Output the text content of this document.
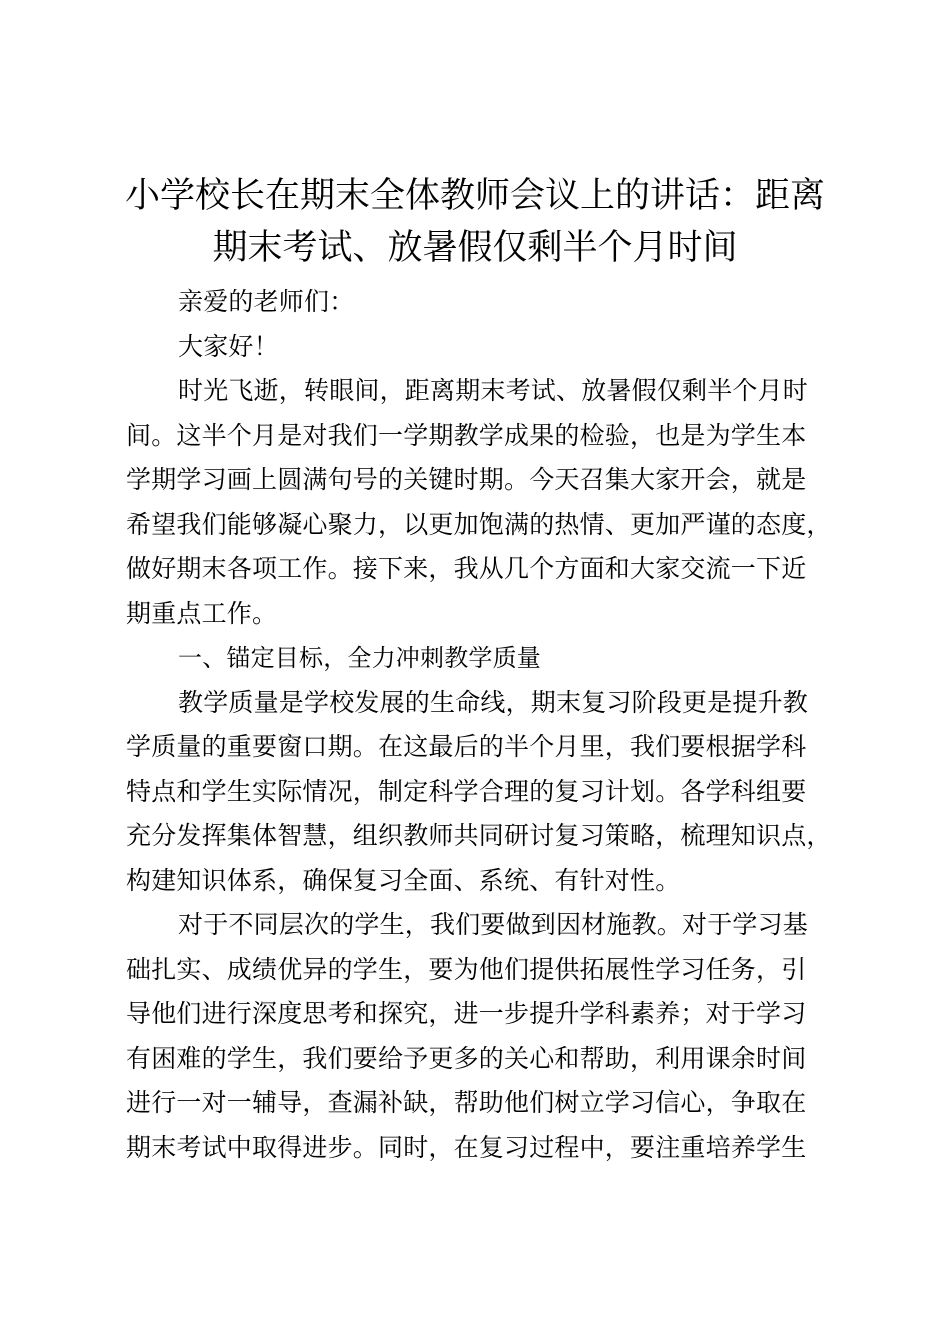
小学校长在期末全体教师会议上的讲话：距离
期末考试、放暑假仅剩半个月时间

亲爱的老师们：

大家好！

时光飞逝，转眼间，距离期末考试、放暑假仅剩半个月时
间。这半个月是对我们一学期教学成果的检验，也是为学生本
学期学习画上圆满句号的关键时期。今天召集大家开会，就是
希望我们能够凝心聚力，以更加饱满的热情、更加严谨的态度，
做好期末各项工作。接下来，我从几个方面和大家交流一下近
期重点工作。

一、锚定目标，全力冲刺教学质量

教学质量是学校发展的生命线，期末复习阶段更是提升教
学质量的重要窗口期。在这最后的半个月里，我们要根据学科
特点和学生实际情况，制定科学合理的复习计划。各学科组要
充分发挥集体智慧，组织教师共同研讨复习策略，梳理知识点，
构建知识体系，确保复习全面、系统、有针对性。

对于不同层次的学生，我们要做到因材施教。对于学习基
础扎实、成绩优异的学生，要为他们提供拓展性学习任务，引
导他们进行深度思考和探究，进一步提升学科素养；对于学习
有困难的学生，我们要给予更多的关心和帮助，利用课余时间
进行一对一辅导，查漏补缺，帮助他们树立学习信心，争取在
期末考试中取得进步。同时，在复习过程中，要注重培养学生
